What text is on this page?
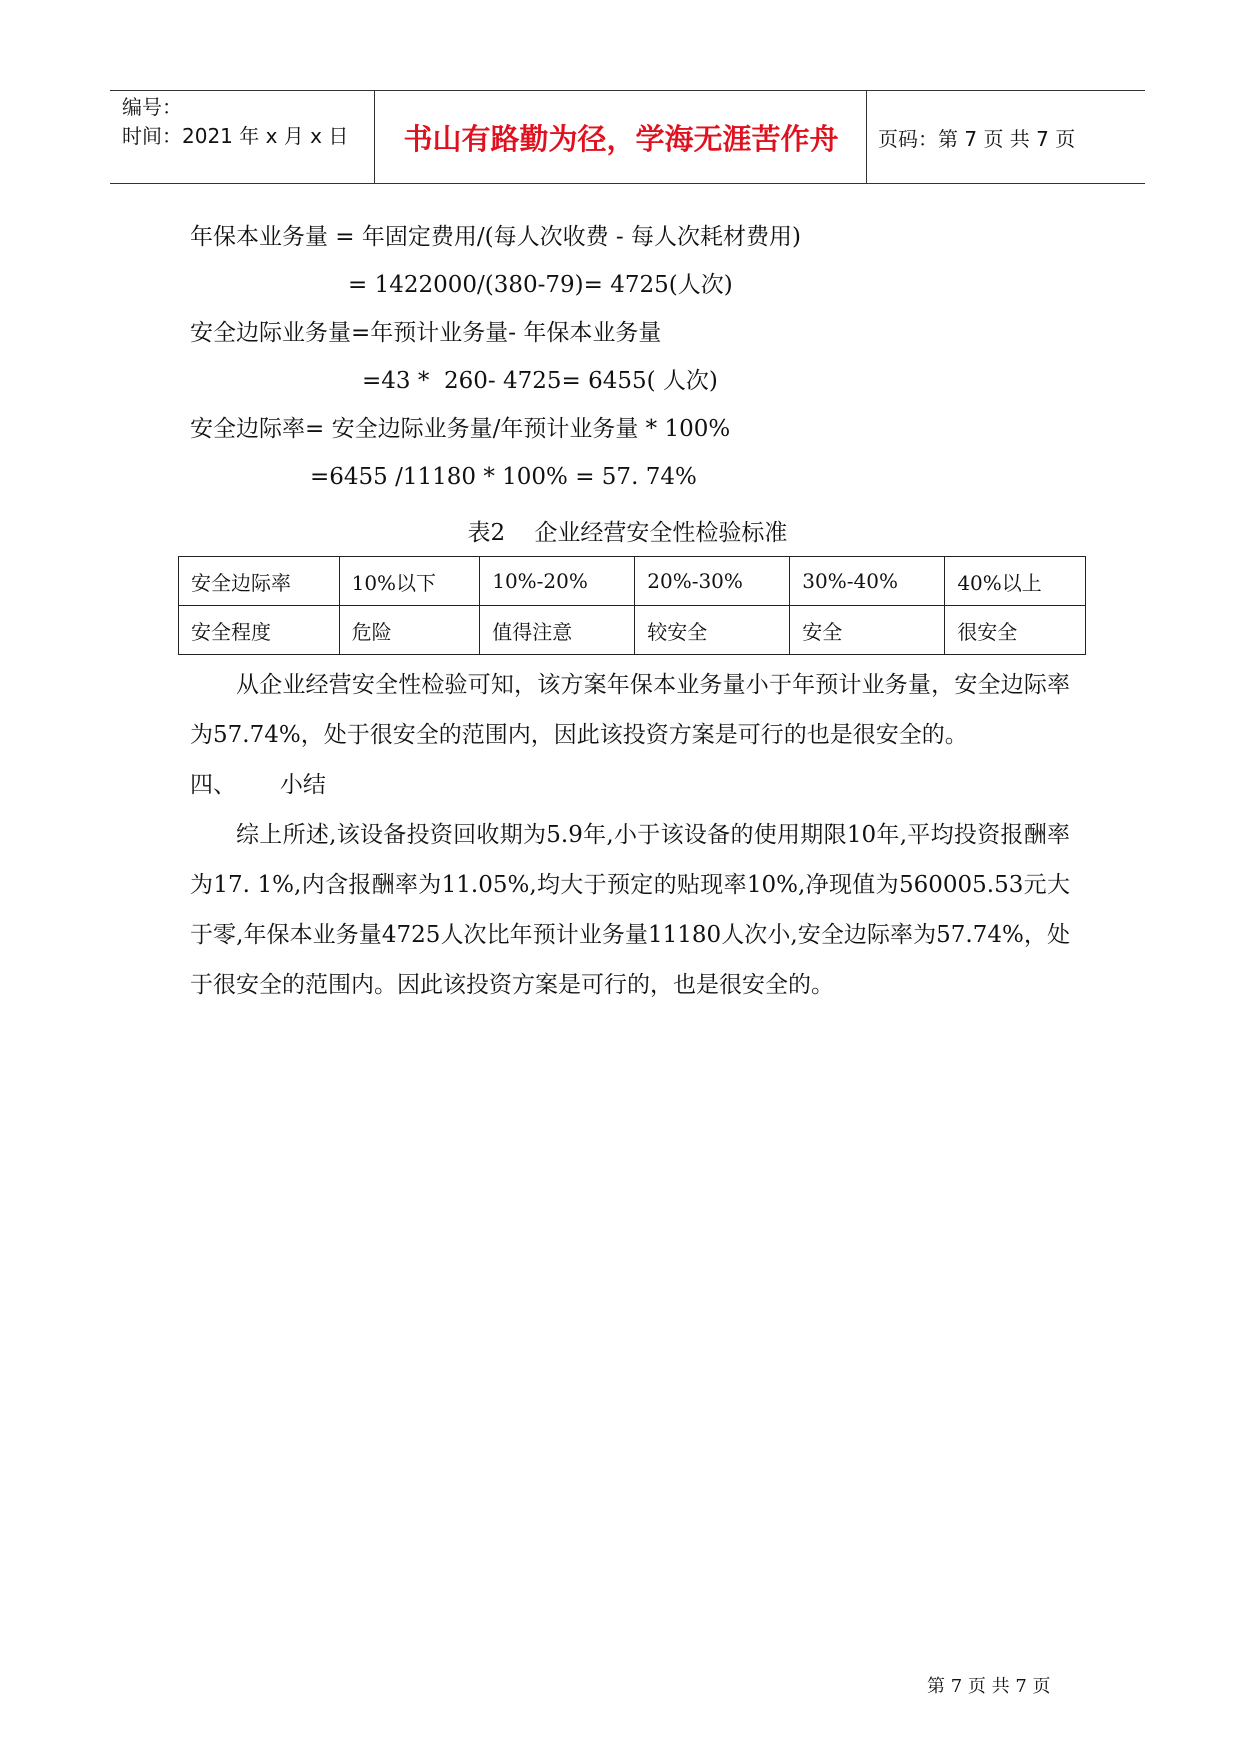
编号：
时间：2021 年 x 月 x 日	书山有路勤为径，学海无涯苦作舟	页码：第 7 页 共 7 页
年保本业务量 = 年固定费用/(每人次收费 - 每人次耗材费用)
= 1422000/(380-79)= 4725(人次)
安全边际业务量=年预计业务量- 年保本业务量
=43 *  260- 4725= 6455( 人次)
安全边际率= 安全边际业务量/年预计业务量 * 100%
=6455 /11180 * 100% = 57. 74%
表2    企业经营安全性检验标准
安全边际率	10%以下	10%-20%	20%-30%	30%-40%	40%以上
安全程度	危险	值得注意	较安全	安全	很安全

从企业经营安全性检验可知，该方案年保本业务量小于年预计业务量，安全边际率为57.74%，处于很安全的范围内，因此该投资方案是可行的也是很安全的。

四、      小结

综上所述,该设备投资回收期为5.9年,小于该设备的使用期限10年,平均投资报酬率为17. 1%,内含报酬率为11.05%,均大于预定的贴现率10%,净现值为560005.53元大于零,年保本业务量4725人次比年预计业务量11180人次小,安全边际率为57.74%，处于很安全的范围内。因此该投资方案是可行的，也是很安全的。

第 7 页 共 7 页
